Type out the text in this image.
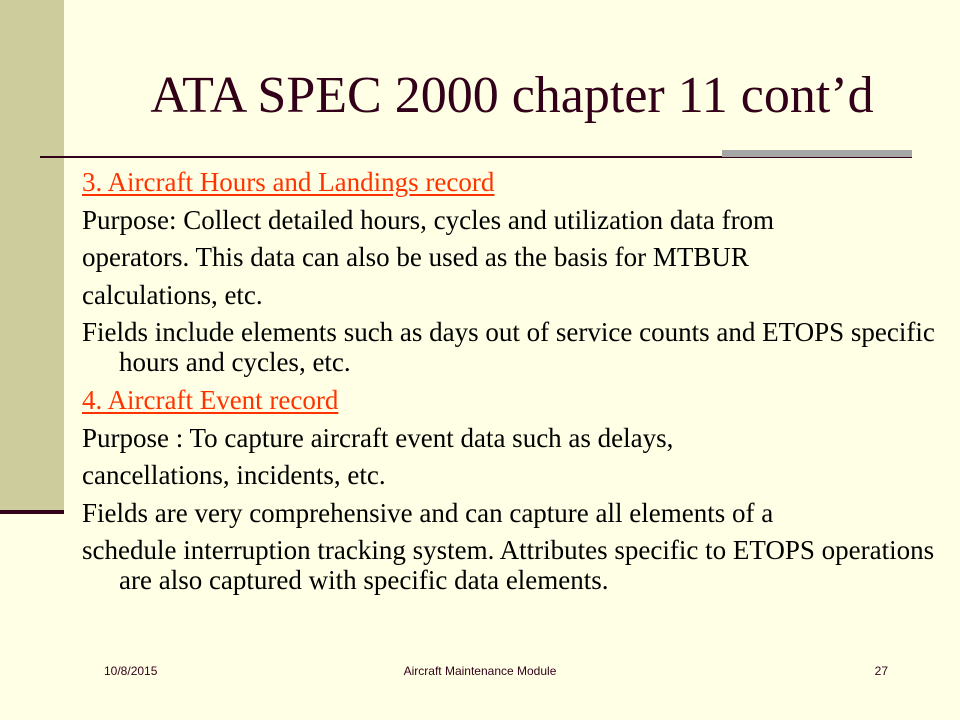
ATA SPEC 2000 chapter 11 cont’d

3. Aircraft Hours and Landings record

Purpose: Collect detailed hours, cycles and utilization data from

operators. This data can also be used as the basis for MTBUR

calculations, etc.

Fields include elements such as days out of service counts and ETOPS specific hours and cycles, etc.

4. Aircraft Event record

Purpose : To capture aircraft event data such as delays,

cancellations, incidents, etc.

Fields are very comprehensive and can capture all elements of a

schedule interruption tracking system. Attributes specific to ETOPS operations are also captured with specific data elements.

10/8/2015	Aircraft Maintenance Module	27
